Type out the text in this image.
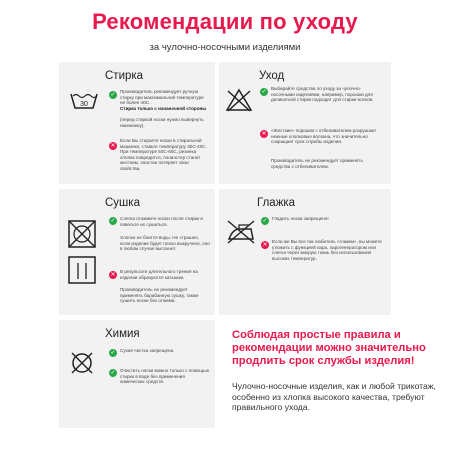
Рекомендации по уходу
за чулочно-носочными изделиями
Стирка
30
✓
Производитель рекомендует ручную стирку при максимальной температуре не более 40С.
Стирка только с изнаночной стороны
(перед стиркой носки нужно вывернуть наизнанку).
✕
Если Вы стираете носки в стиральной машинке, ставьте температуру 30С-40С. При температуре 50С-60С, резинка хлопка повредится, полиэстер станет жестким, эластан потеряет свои свойства.
Уход
✓
Выбирайте средства по уходу за чулочно-носочными изделиями, например, порошки для деликатной стирки подходят для стирки носков.
✕
«Жесткие» порошки с отбеливателем разрушают нежные хлопковые волокна, что значительно сокращает срок службы изделия.
Производитель не рекомендует применять средства с отбеливателем.
Сушка
✓ Слегка отожмите носки после стирки и повесьте их сушиться.
Хлопок не боится воды. Не страшно, если изделие будет плохо выкручено, оно в любом случае высохнет.
✕
В результате длительного трения на изделии образуются катышки.
Производитель не рекомендует применять барабанную сушку, также сушить носки без отжима.
Глажка
✓ Гладить носки запрещено!
✕
Если же Вы все так любитель «глажки», вы можете утюжить с функцией пара, парогенератором или слегка через мокрую ткань без использования высоких температур.
Химия
✓ Сухая чистка запрещена.
✓ Очистить носки можно только с помощью стирки в воде без применения химических средств.
Соблюдая простые правила и рекомендации можно значительно продлить срок службы изделия!
Чулочно-носочные изделия, как и любой трикотаж, особенно из хлопка высокого качества, требуют правильного ухода.
